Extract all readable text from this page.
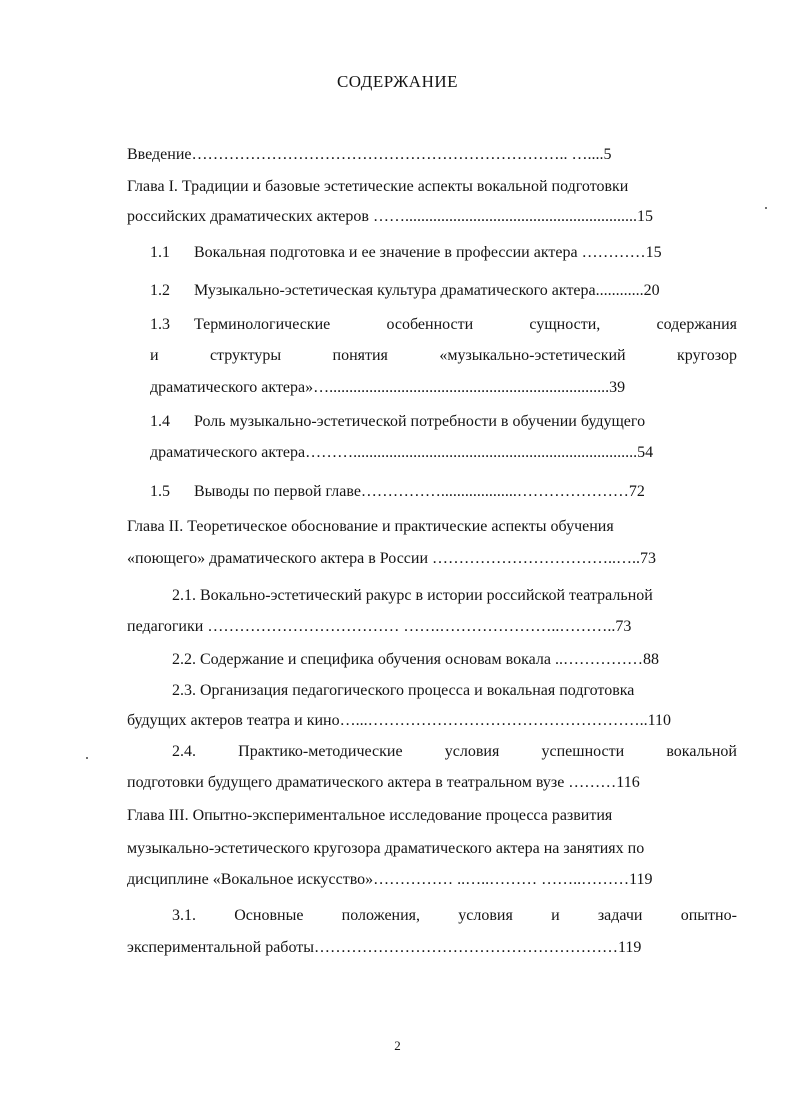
СОДЕРЖАНИЕ
Введение…………………………………………………………….. …....5
Глава I. Традиции и базовые эстетические аспекты вокальной подготовки
российских драматических актеров ……..........................................................15
1.1 Вокальная подготовка и ее значение в профессии актера …………15
1.2 Музыкально-эстетическая культура драматического актера............20
1.3 Терминологические	особенности	сущности,	содержания
и	структуры	понятия	«музыкально-эстетический	кругозор
драматического актера»…......................................................................39
1.4 Роль музыкально-эстетической потребности в обучении будущего
драматического актера……….......................................................................54
1.5 Выводы по первой главе……………...................…………………72
Глава II. Теоретическое обоснование и практические аспекты обучения
«поющего» драматического актера в России ……………………………..…..73
2.1. Вокально-эстетический ракурс в истории российской театральной
педагогики ……………………………… …….…………………..………..73
2.2. Содержание и специфика обучения основам вокала ..……………88
2.3. Организация педагогического процесса и вокальная подготовка
будущих актеров театра и кино…...……………………………………………..110
2.4.	Практико-методические	условия	успешности	вокальной
подготовки будущего драматического актера в театральном вузе ………116
Глава III. Опытно-экспериментальное исследование процесса развития
музыкально-эстетического кругозора драматического актера на занятиях по
дисциплине «Вокальное искусство»…………… ..…..……… ……..………119
3.1. Основные положения, условия и задачи опытно-
экспериментальной работы…………………………………………………119
2
